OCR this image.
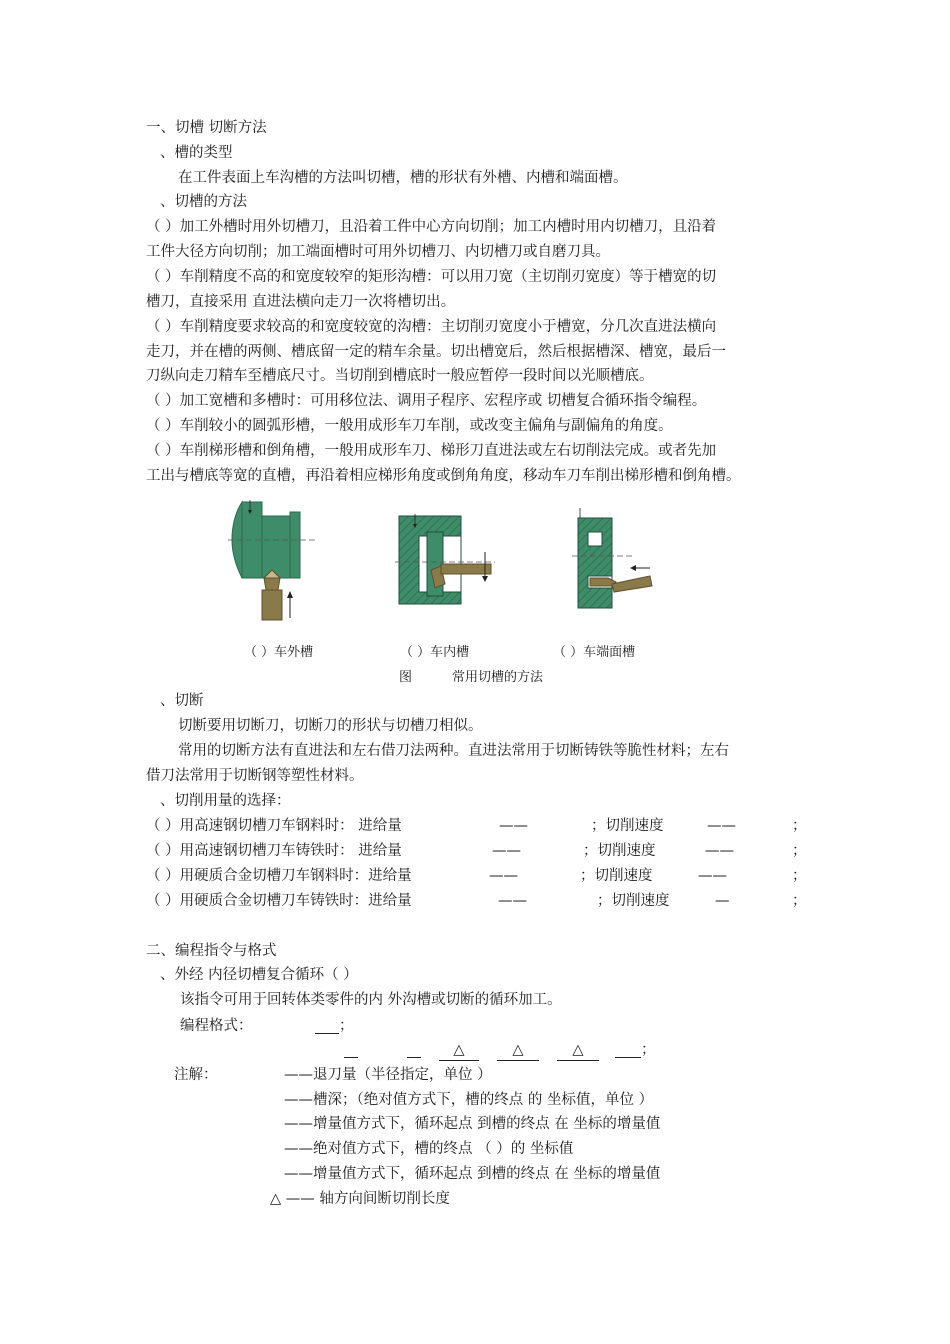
一、切槽 切断方法
、槽的类型
在工件表面上车沟槽的方法叫切槽，槽的形状有外槽、内槽和端面槽。
、切槽的方法
（ ）加工外槽时用外切槽刀，且沿着工件中心方向切削；加工内槽时用内切槽刀，且沿着
工件大径方向切削；加工端面槽时可用外切槽刀、内切槽刀或自磨刀具。
（ ）车削精度不高的和宽度较窄的矩形沟槽：可以用刀宽（主切削刃宽度）等于槽宽的切
槽刀，直接采用 直进法横向走刀一次将槽切出。
（ ）车削精度要求较高的和宽度较宽的沟槽：主切削刃宽度小于槽宽，分几次直进法横向
走刀，并在槽的两侧、槽底留一定的精车余量。切出槽宽后，然后根据槽深、槽宽，最后一
刀纵向走刀精车至槽底尺寸。当切削到槽底时一般应暂停一段时间以光顺槽底。
（ ）加工宽槽和多槽时：可用移位法、调用子程序、宏程序或 切槽复合循环指令编程。
（ ）车削较小的圆弧形槽，一般用成形车刀车削，或改变主偏角与副偏角的角度。
（ ）车削梯形槽和倒角槽，一般用成形车刀、梯形刀直进法或左右切削法完成。或者先加
工出与槽底等宽的直槽，再沿着相应梯形角度或倒角角度，移动车刀车削出梯形槽和倒角槽。
（ ）车外槽	（ ）车内槽	（ ）车端面槽
图	常用切槽的方法
、切断
切断要用切断刀，切断刀的形状与切槽刀相似。
常用的切断方法有直进法和左右借刀法两种。直进法常用于切断铸铁等脆性材料；左右
借刀法常用于切断钢等塑性材料。
、切削用量的选择：
（ ）用高速钢切槽刀车钢料时： 进给量	——	；切削速度	——	；
（ ）用高速钢切槽刀车铸铁时： 进给量	——	；切削速度	——	；
（ ）用硬质合金切槽刀车钢料时：进给量	——	；切削速度	——	；
（ ）用硬质合金切槽刀车铸铁时：进给量	——	；切削速度	—	；
二、编程指令与格式
、外经 内径切槽复合循环（ ）
该指令可用于回转体类零件的内 外沟槽或切断的循环加工。
编程格式：	；
△	△	△	；
注解：	——退刀量（半径指定，单位 ）
——槽深；（绝对值方式下，槽的终点 的 坐标值，单位 ）
——增量值方式下，循环起点 到槽的终点 在 坐标的增量值
——绝对值方式下，槽的终点 （ ）的 坐标值
——增量值方式下，循环起点 到槽的终点 在 坐标的增量值
△ —— 轴方向间断切削长度
